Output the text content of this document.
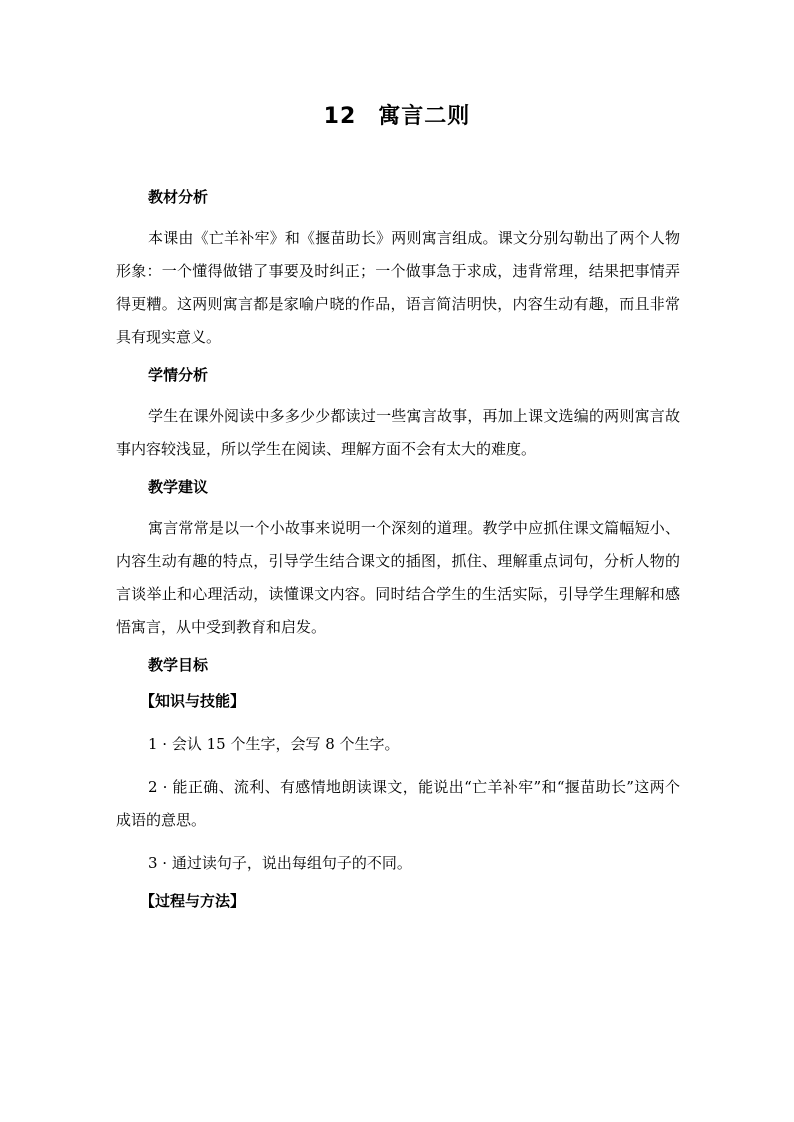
12 寓言二则
教材分析

本课由《亡羊补牢》和《揠苗助长》两则寓言组成。课文分别勾勒出了两个人物形象：一个懂得做错了事要及时纠正；一个做事急于求成，违背常理，结果把事情弄得更糟。这两则寓言都是家喻户晓的作品，语言简洁明快，内容生动有趣，而且非常具有现实意义。

学情分析

学生在课外阅读中多多少少都读过一些寓言故事，再加上课文选编的两则寓言故事内容较浅显，所以学生在阅读、理解方面不会有太大的难度。

教学建议

寓言常常是以一个小故事来说明一个深刻的道理。教学中应抓住课文篇幅短小、内容生动有趣的特点，引导学生结合课文的插图，抓住、理解重点词句，分析人物的言谈举止和心理活动，读懂课文内容。同时结合学生的生活实际，引导学生理解和感悟寓言，从中受到教育和启发。

教学目标
【知识与技能】

1 · 会认 15 个生字，会写 8 个生字。

2 · 能正确、流利、有感情地朗读课文，能说出“亡羊补牢”和“揠苗助长”这两个成语的意思。

3 · 通过读句子，说出每组句子的不同。

【过程与方法】
